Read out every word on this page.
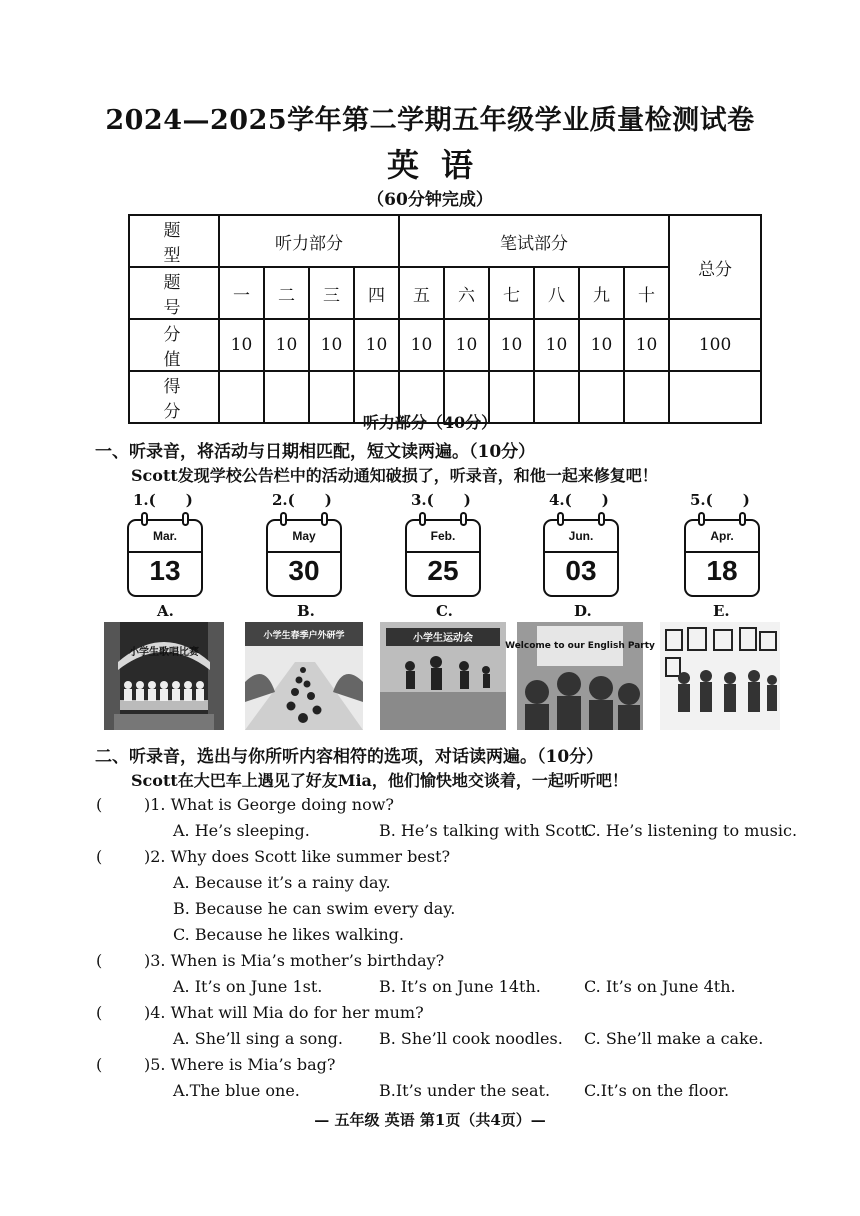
2024—2025学年第二学期五年级学业质量检测试卷
英语
（60分钟完成）
题 型	听力部分				笔试部分						总分
题 号	一	二	三	四	五	六	七	八	九	十	
分 值	10	10	10	10	10	10	10	10	10	10	100
得 分											
听力部分（40分）
一、听录音，将活动与日期相匹配，短文读两遍。（10分）
Scott发现学校公告栏中的活动通知破损了，听录音，和他一起来修复吧！
1.(　　)	2.(　　)	3.(　　)	4.(　　)	5.(　　)
Mar.
13
May
30
Feb.
25
Jun.
03
Apr.
18
A.	B.	C.	D.	E.
小学生歌唱比赛
小学生春季户外研学	小学生运动会
Welcome to our English Party
二、听录音，选出与你所听内容相符的选项，对话读两遍。（10分）
Scott在大巴车上遇见了好友Mia，他们愉快地交谈着，一起听听吧！
(	)1. What is George doing now?
A. He’s sleeping.	B. He’s talking with Scott.
C. He’s listening to music.
(	)2. Why does Scott like summer best?
A. Because it’s a rainy day.
B. Because he can swim every day.
C. Because he likes walking.
(	)3. When is Mia’s mother’s birthday?
A. It’s on June 1st.	B. It’s on June 14th.	C. It’s on June 4th.
(	)4. What will Mia do for her mum?
A. She’ll sing a song. B. She’ll cook noodles. C. She’ll make a cake.
(	)5. Where is Mia’s bag?
A.The blue one.	B.It’s under the seat. C.It’s on the floor.
— 五年级 英语 第1页（共4页）—
